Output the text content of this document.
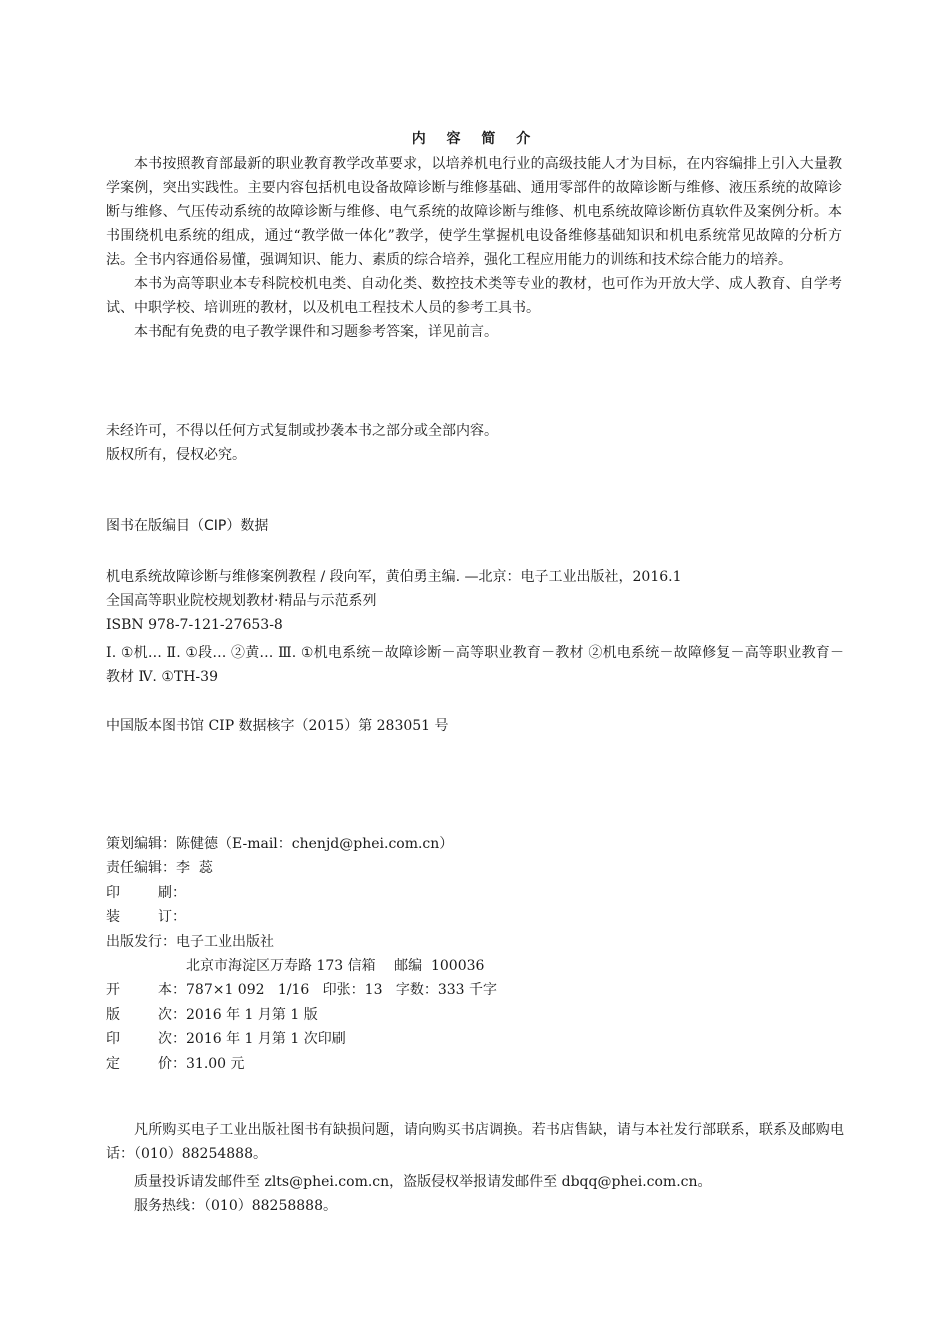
内 容 简 介

本书按照教育部最新的职业教育教学改革要求，以培养机电行业的高级技能人才为目标，在内容编排上引入大量教学案例，突出实践性。主要内容包括机电设备故障诊断与维修基础、通用零部件的故障诊断与维修、液压系统的故障诊断与维修、气压传动系统的故障诊断与维修、电气系统的故障诊断与维修、机电系统故障诊断仿真软件及案例分析。本书围绕机电系统的组成，通过“教学做一体化”教学，使学生掌握机电设备维修基础知识和机电系统常见故障的分析方法。全书内容通俗易懂，强调知识、能力、素质的综合培养，强化工程应用能力的训练和技术综合能力的培养。

本书为高等职业本专科院校机电类、自动化类、数控技术类等专业的教材，也可作为开放大学、成人教育、自学考试、中职学校、培训班的教材，以及机电工程技术人员的参考工具书。

本书配有免费的电子教学课件和习题参考答案，详见前言。

未经许可，不得以任何方式复制或抄袭本书之部分或全部内容。

版权所有，侵权必究。

图书在版编目（CIP）数据

机电系统故障诊断与维修案例教程 / 段向军，黄伯勇主编. —北京：电子工业出版社，2016.1

全国高等职业院校规划教材·精品与示范系列

ISBN 978-7-121-27653-8

Ⅰ. ①机… Ⅱ. ①段… ②黄… Ⅲ. ①机电系统－故障诊断－高等职业教育－教材 ②机电系统－故障修复－高等职业教育－教材 Ⅳ. ①TH-39

中国版本图书馆 CIP 数据核字（2015）第 283051 号

策划编辑： 陈健德（E-mail：chenjd@phei.com.cn）
责任编辑： 李  蕊
印	刷：
装	订：
出版发行： 电子工业出版社
北京市海淀区万寿路 173 信箱　 邮编  100036
开	本： 787×1 092   1/16   印张：13   字数：333 千字
版	次： 2016 年 1 月第 1 版
印	次： 2016 年 1 月第 1 次印刷
定	价： 31.00 元

凡所购买电子工业出版社图书有缺损问题，请向购买书店调换。若书店售缺，请与本社发行部联系，联系及邮购电话：（010）88254888。

质量投诉请发邮件至 zlts@phei.com.cn，盗版侵权举报请发邮件至 dbqq@phei.com.cn。

服务热线：（010）88258888。
